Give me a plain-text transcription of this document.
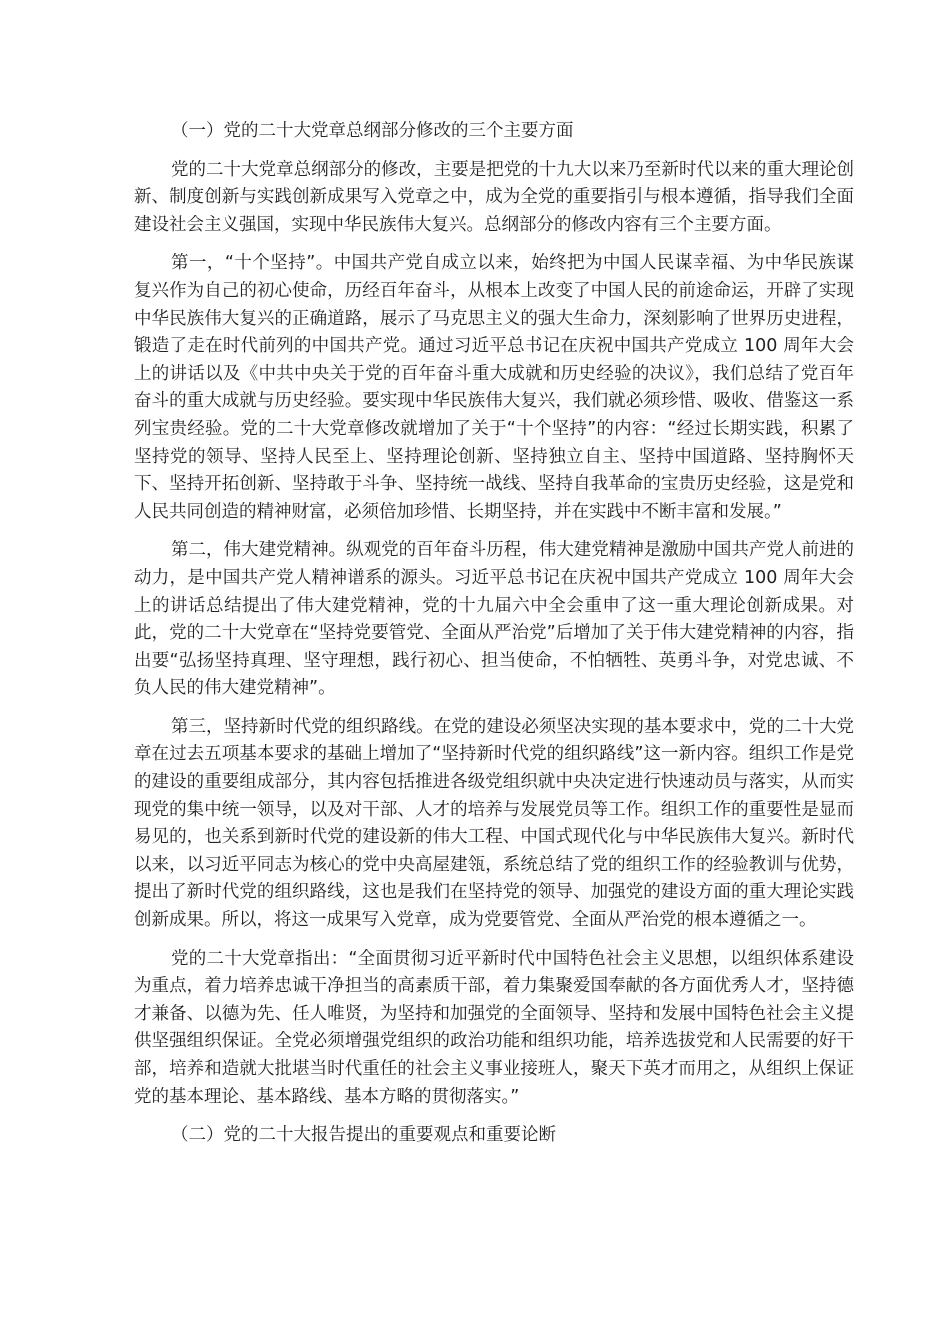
（一）党的二十大党章总纲部分修改的三个主要方面

党的二十大党章总纲部分的修改，主要是把党的十九大以来乃至新时代以来的重大理论创新、制度创新与实践创新成果写入党章之中，成为全党的重要指引与根本遵循，指导我们全面建设社会主义强国，实现中华民族伟大复兴。总纲部分的修改内容有三个主要方面。

第一，“十个坚持”。中国共产党自成立以来，始终把为中国人民谋幸福、为中华民族谋复兴作为自己的初心使命，历经百年奋斗，从根本上改变了中国人民的前途命运，开辟了实现中华民族伟大复兴的正确道路，展示了马克思主义的强大生命力，深刻影响了世界历史进程，锻造了走在时代前列的中国共产党。通过习近平总书记在庆祝中国共产党成立 100 周年大会上的讲话以及《中共中央关于党的百年奋斗重大成就和历史经验的决议》，我们总结了党百年奋斗的重大成就与历史经验。要实现中华民族伟大复兴，我们就必须珍惜、吸收、借鉴这一系列宝贵经验。党的二十大党章修改就增加了关于“十个坚持”的内容：“经过长期实践，积累了坚持党的领导、坚持人民至上、坚持理论创新、坚持独立自主、坚持中国道路、坚持胸怀天下、坚持开拓创新、坚持敢于斗争、坚持统一战线、坚持自我革命的宝贵历史经验，这是党和人民共同创造的精神财富，必须倍加珍惜、长期坚持，并在实践中不断丰富和发展。”

第二，伟大建党精神。纵观党的百年奋斗历程，伟大建党精神是激励中国共产党人前进的动力，是中国共产党人精神谱系的源头。习近平总书记在庆祝中国共产党成立 100 周年大会上的讲话总结提出了伟大建党精神，党的十九届六中全会重申了这一重大理论创新成果。对此，党的二十大党章在“坚持党要管党、全面从严治党”后增加了关于伟大建党精神的内容，指出要“弘扬坚持真理、坚守理想，践行初心、担当使命，不怕牺牲、英勇斗争，对党忠诚、不负人民的伟大建党精神”。

第三，坚持新时代党的组织路线。在党的建设必须坚决实现的基本要求中，党的二十大党章在过去五项基本要求的基础上增加了“坚持新时代党的组织路线”这一新内容。组织工作是党的建设的重要组成部分，其内容包括推进各级党组织就中央决定进行快速动员与落实，从而实现党的集中统一领导，以及对干部、人才的培养与发展党员等工作。组织工作的重要性是显而易见的，也关系到新时代党的建设新的伟大工程、中国式现代化与中华民族伟大复兴。新时代以来，以习近平同志为核心的党中央高屋建瓴，系统总结了党的组织工作的经验教训与优势，提出了新时代党的组织路线，这也是我们在坚持党的领导、加强党的建设方面的重大理论实践创新成果。所以，将这一成果写入党章，成为党要管党、全面从严治党的根本遵循之一。

党的二十大党章指出：“全面贯彻习近平新时代中国特色社会主义思想，以组织体系建设为重点，着力培养忠诚干净担当的高素质干部，着力集聚爱国奉献的各方面优秀人才，坚持德才兼备、以德为先、任人唯贤，为坚持和加强党的全面领导、坚持和发展中国特色社会主义提供坚强组织保证。全党必须增强党组织的政治功能和组织功能，培养选拔党和人民需要的好干部，培养和造就大批堪当时代重任的社会主义事业接班人，聚天下英才而用之，从组织上保证党的基本理论、基本路线、基本方略的贯彻落实。”

（二）党的二十大报告提出的重要观点和重要论断
